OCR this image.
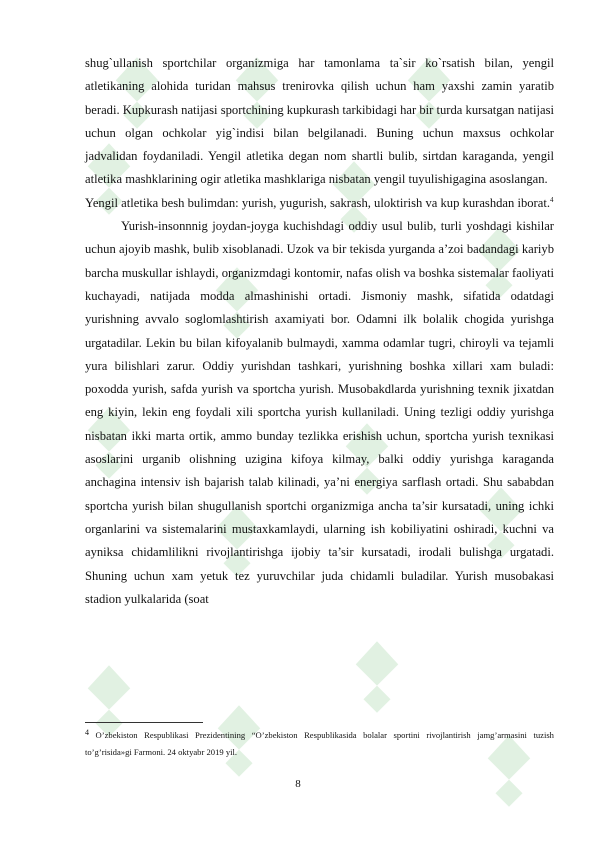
shug`ullanish sportchilar organizmiga har tamonlama ta`sir ko`rsatish bilan, yengil atletikaning alohida turidan mahsus trenirovka qilish uchun ham yaxshi zamin yaratib beradi. Kupkurash natijasi sportchining kupkurash tarkibidagi har bir turda kursatgan natijasi uchun olgan ochkolar yig`indisi bilan belgilanadi. Buning uchun maxsus ochkolar jadvalidan foydaniladi. Yengil atletika degan nom shartli bulib, sirtdan karaganda, yengil atletika mashklarining ogir atletika mashklariga nisbatan yengil tuyulishigagina asoslangan.

Yengil atletika besh bulimdan: yurish, yugurish, sakrash, uloktirish va kup kurashdan iborat.$^4$

Yurish-insonnnig joydan-joyga kuchishdagi oddiy usul bulib, turli yoshdagi kishilar uchun ajoyib mashk, bulib xisoblanadi. Uzok va bir tekisda yurganda a’zoi badandagi kariyb barcha muskullar ishlaydi, organizmdagi kontomir, nafas olish va boshka sistemalar faoliyati kuchayadi, natijada modda almashinishi ortadi. Jismoniy mashk, sifatida odatdagi yurishning avvalo soglomlashtirish axamiyati bor. Odamni ilk bolalik chogida yurishga urgatadilar. Lekin bu bilan kifoyalanib bulmaydi, xamma odamlar tugri, chiroyli va tejamli yura bilishlari zarur. Oddiy yurishdan tashkari, yurishning boshka xillari xam buladi: poxodda yurish, safda yurish va sportcha yurish. Musobakdlarda yurishning texnik jixatdan eng kiyin, lekin eng foydali xili sportcha yurish kullaniladi. Uning tezligi oddiy yurishga nisbatan ikki marta ortik, ammo bunday tezlikka erishish uchun, sportcha yurish texnikasi asoslarini urganib olishning uzigina kifoya kilmay, balki oddiy yurishga karaganda anchagina intensiv ish bajarish talab kilinadi, ya’ni energiya sarflash ortadi. Shu sababdan sportcha yurish bilan shugullanish sportchi organizmiga ancha ta’sir kursatadi, uning ichki organlarini va sistemalarini mustaxkamlaydi, ularning ish kobiliyatini oshiradi, kuchni va ayniksa chidamlilikni rivojlantirishga ijobiy ta’sir kursatadi, irodali bulishga urgatadi. Shuning uchun xam yetuk tez yuruvchilar juda chidamli buladilar. Yurish musobakasi stadion yulkalarida (soat

$^4$ O’zbekiston Respublikasi Prezidentining “O’zbekiston Respublikasida bolalar sportini rivojlantirish jamg’armasini tuzish to’g’risida»gi Farmoni. 24 oktyabr 2019 yil.
8
